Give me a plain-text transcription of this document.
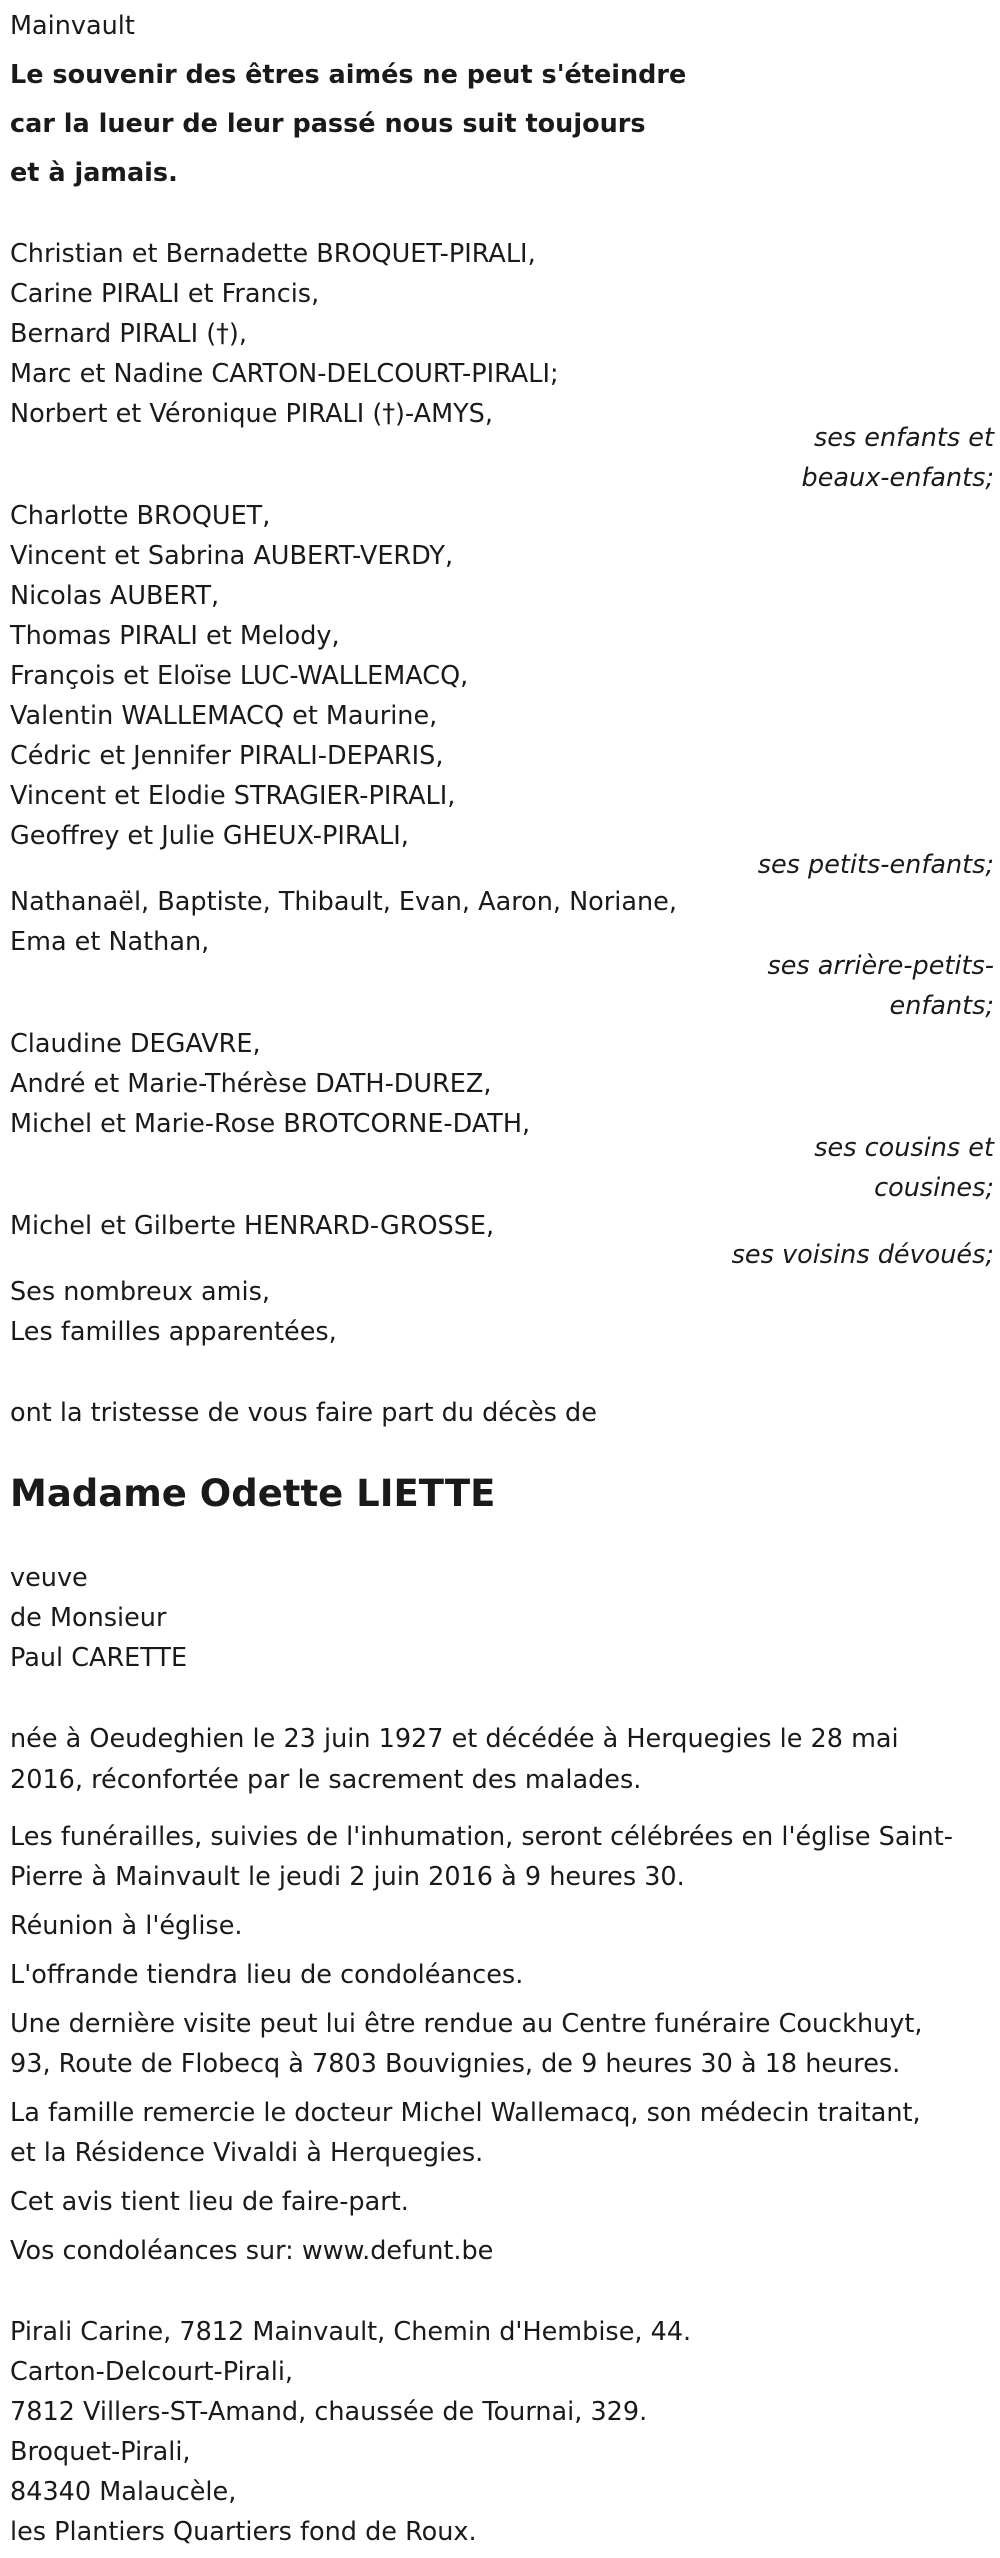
Mainvault
Le souvenir des êtres aimés ne peut s'éteindre
car la lueur de leur passé nous suit toujours
et à jamais.
Christian et Bernadette BROQUET-PIRALI,
Carine PIRALI et Francis,
Bernard PIRALI (†),
Marc et Nadine CARTON-DELCOURT-PIRALI;
Norbert et Véronique PIRALI (†)-AMYS,
ses enfants et
beaux-enfants;
Charlotte BROQUET,
Vincent et Sabrina AUBERT-VERDY,
Nicolas AUBERT,
Thomas PIRALI et Melody,
François et Eloïse LUC-WALLEMACQ,
Valentin WALLEMACQ et Maurine,
Cédric et Jennifer PIRALI-DEPARIS,
Vincent et Elodie STRAGIER-PIRALI,
Geoffrey et Julie GHEUX-PIRALI,
ses petits-enfants;
Nathanaël, Baptiste, Thibault, Evan, Aaron, Noriane,
Ema et Nathan,
ses arrière-petits-
enfants;
Claudine DEGAVRE,
André et Marie-Thérèse DATH-DUREZ,
Michel et Marie-Rose BROTCORNE-DATH,
ses cousins et
cousines;
Michel et Gilberte HENRARD-GROSSE,
ses voisins dévoués;
Ses nombreux amis,
Les familles apparentées,
ont la tristesse de vous faire part du décès de
Madame Odette LIETTE
veuve
de Monsieur
Paul CARETTE
née à Oeudeghien le 23 juin 1927 et décédée à Herquegies le 28 mai
2016, réconfortée par le sacrement des malades.
Les funérailles, suivies de l'inhumation, seront célébrées en l'église Saint-
Pierre à Mainvault le jeudi 2 juin 2016 à 9 heures 30.
Réunion à l'église.
L'offrande tiendra lieu de condoléances.
Une dernière visite peut lui être rendue au Centre funéraire Couckhuyt,
93, Route de Flobecq à 7803 Bouvignies, de 9 heures 30 à 18 heures.
La famille remercie le docteur Michel Wallemacq, son médecin traitant,
et la Résidence Vivaldi à Herquegies.
Cet avis tient lieu de faire-part.
Vos condoléances sur: www.defunt.be
Pirali Carine, 7812 Mainvault, Chemin d'Hembise, 44.
Carton-Delcourt-Pirali,
7812 Villers-ST-Amand, chaussée de Tournai, 329.
Broquet-Pirali,
84340 Malaucèle,
les Plantiers Quartiers fond de Roux.
